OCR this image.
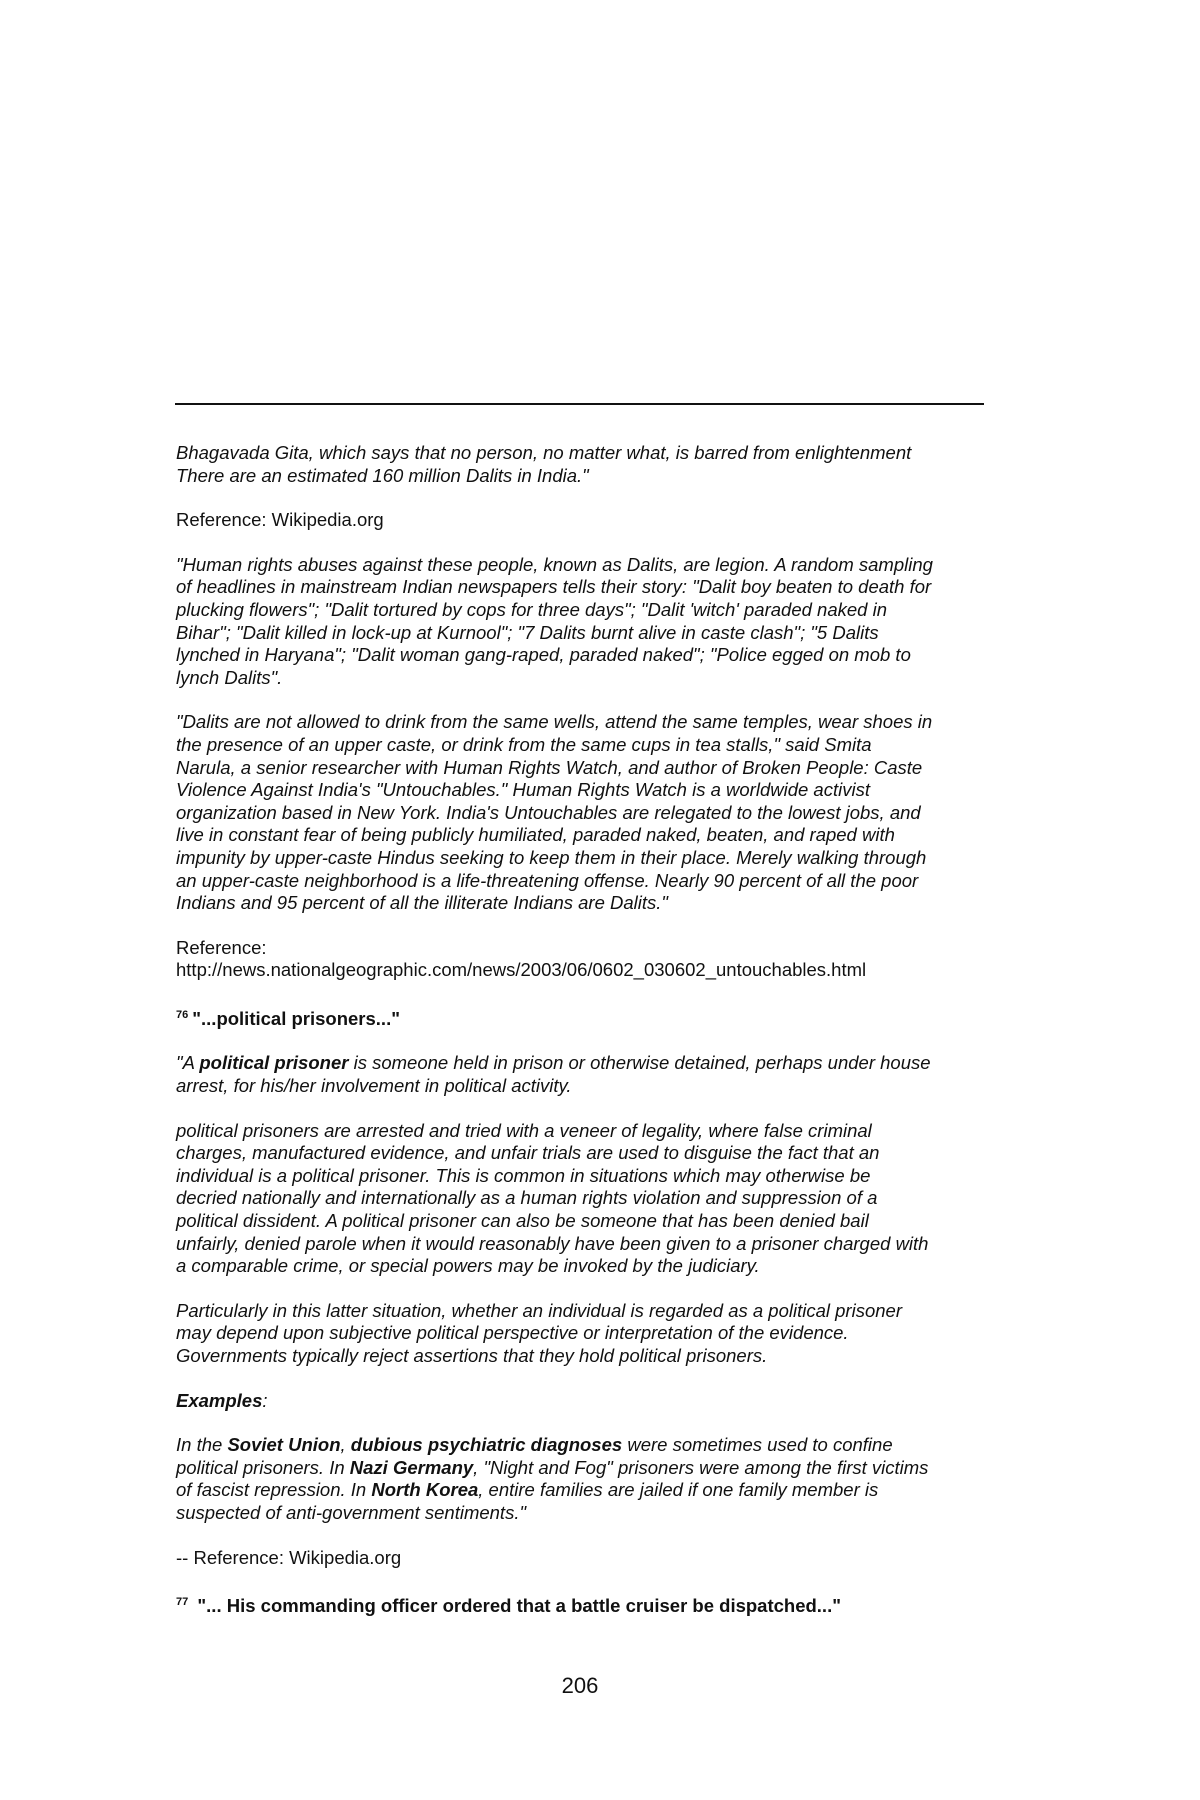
Bhagavada Gita, which says that no person, no matter what, is barred from enlightenment
There are an estimated 160 million Dalits in India."

Reference: Wikipedia.org

"Human rights abuses against these people, known as Dalits, are legion. A random sampling
of headlines in mainstream Indian newspapers tells their story: "Dalit boy beaten to death for
plucking flowers"; "Dalit tortured by cops for three days"; "Dalit 'witch' paraded naked in
Bihar"; "Dalit killed in lock-up at Kurnool"; "7 Dalits burnt alive in caste clash"; "5 Dalits
lynched in Haryana"; "Dalit woman gang-raped, paraded naked"; "Police egged on mob to
lynch Dalits".

"Dalits are not allowed to drink from the same wells, attend the same temples, wear shoes in
the presence of an upper caste, or drink from the same cups in tea stalls," said Smita
Narula, a senior researcher with Human Rights Watch, and author of Broken People: Caste
Violence Against India's "Untouchables." Human Rights Watch is a worldwide activist
organization based in New York. India's Untouchables are relegated to the lowest jobs, and
live in constant fear of being publicly humiliated, paraded naked, beaten, and raped with
impunity by upper-caste Hindus seeking to keep them in their place. Merely walking through
an upper-caste neighborhood is a life-threatening offense. Nearly 90 percent of all the poor
Indians and 95 percent of all the illiterate Indians are Dalits."

Reference:
http://news.nationalgeographic.com/news/2003/06/0602_030602_untouchables.html

$^{76}$ "...political prisoners..."

"A political prisoner is someone held in prison or otherwise detained, perhaps under house
arrest, for his/her involvement in political activity.

political prisoners are arrested and tried with a veneer of legality, where false criminal
charges, manufactured evidence, and unfair trials are used to disguise the fact that an
individual is a political prisoner. This is common in situations which may otherwise be
decried nationally and internationally as a human rights violation and suppression of a
political dissident. A political prisoner can also be someone that has been denied bail
unfairly, denied parole when it would reasonably have been given to a prisoner charged with
a comparable crime, or special powers may be invoked by the judiciary.

Particularly in this latter situation, whether an individual is regarded as a political prisoner
may depend upon subjective political perspective or interpretation of the evidence.
Governments typically reject assertions that they hold political prisoners.

Examples:

In the Soviet Union, dubious psychiatric diagnoses were sometimes used to confine
political prisoners. In Nazi Germany, "Night and Fog" prisoners were among the first victims
of fascist repression. In North Korea, entire families are jailed if one family member is
suspected of anti-government sentiments."

-- Reference: Wikipedia.org

$^{77}$ "... His commanding officer ordered that a battle cruiser be dispatched..."

206
